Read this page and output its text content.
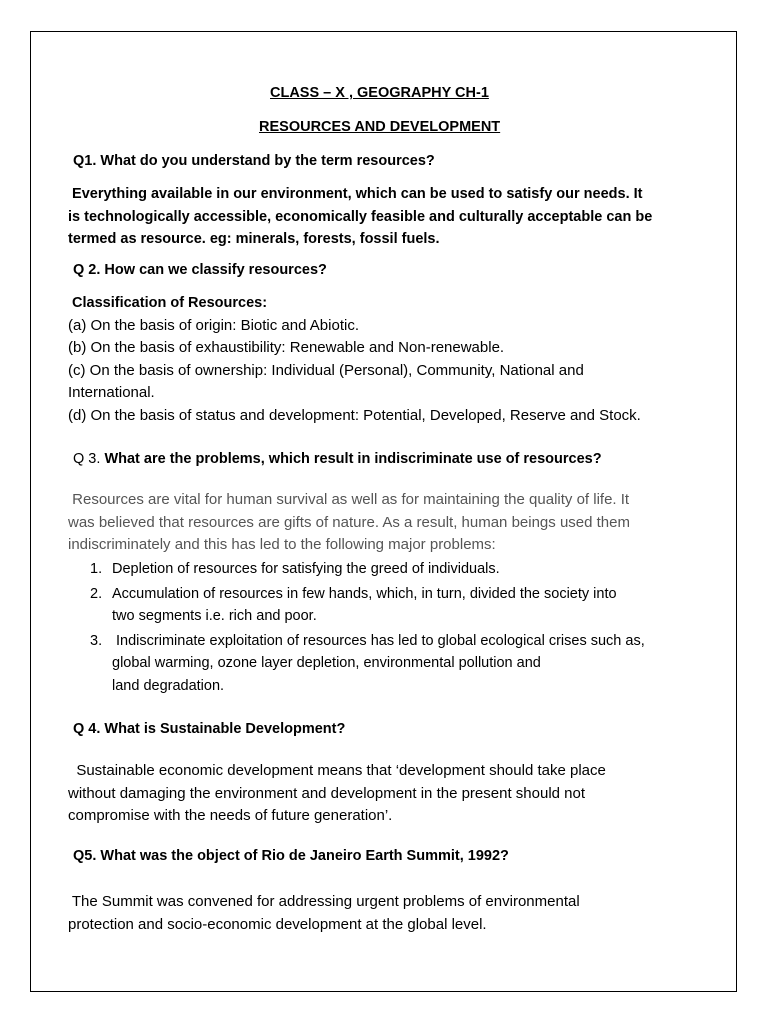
CLASS – X , GEOGRAPHY CH-1

RESOURCES AND DEVELOPMENT

Q1. What do you understand by the term resources?

Everything available in our environment, which can be used to satisfy our needs. It
is technologically accessible, economically feasible and culturally acceptable can be
termed as resource. eg: minerals, forests, fossil fuels.

Q 2. How can we classify resources?

Classification of Resources:
(a) On the basis of origin: Biotic and Abiotic.
(b) On the basis of exhaustibility: Renewable and Non-renewable.
(c) On the basis of ownership: Individual (Personal), Community, National and
International.
(d) On the basis of status and development: Potential, Developed, Reserve and Stock.

Q 3. What are the problems, which result in indiscriminate use of resources?

Resources are vital for human survival as well as for maintaining the quality of life. It
was believed that resources are gifts of nature. As a result, human beings used them
indiscriminately and this has led to the following major problems:
1. Depletion of resources for satisfying the greed of individuals.
2. Accumulation of resources in few hands, which, in turn, divided the society into
two segments i.e. rich and poor.
3. Indiscriminate exploitation of resources has led to global ecological crises such as,
global warming, ozone layer depletion, environmental pollution and
land degradation.

Q 4. What is Sustainable Development?

Sustainable economic development means that ‘development should take place
without damaging the environment and development in the present should not
compromise with the needs of future generation’.

Q5. What was the object of Rio de Janeiro Earth Summit, 1992?

The Summit was convened for addressing urgent problems of environmental
protection and socio-economic development at the global level.
